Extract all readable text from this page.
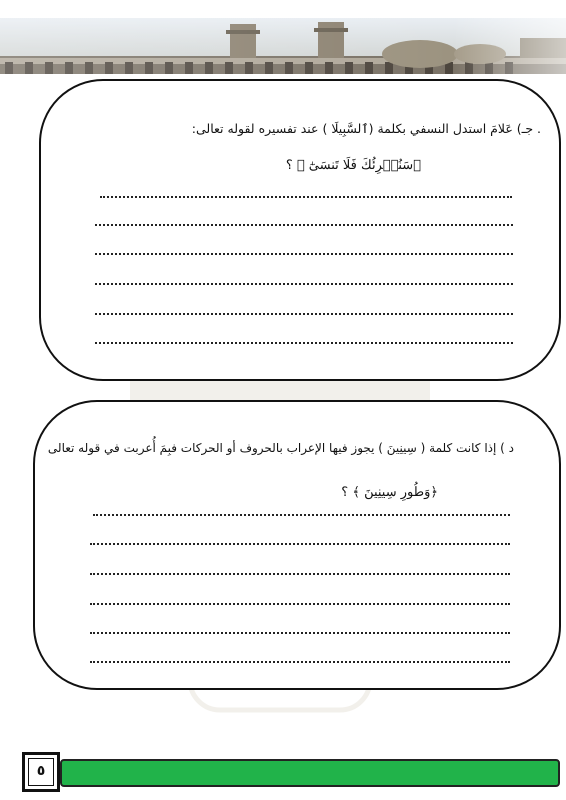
. جـ) عَلامَ استدل النسفي بكلمة (ٱلسَّبِيلَا ) عند تفسيره لقوله تعالى:
﴿سَنُقۡرِئُكَ فَلَا تَنسَىٰٓ ﴾ ؟
د ) إذا كانت كلمة ( سِينِينَ ) يجوز فيها الإعراب بالحروف أو الحركات فبِمَ أُعربت في قوله تعالى
﴿وَطُورِ سِينِينَ ﴾ ؟
٥
